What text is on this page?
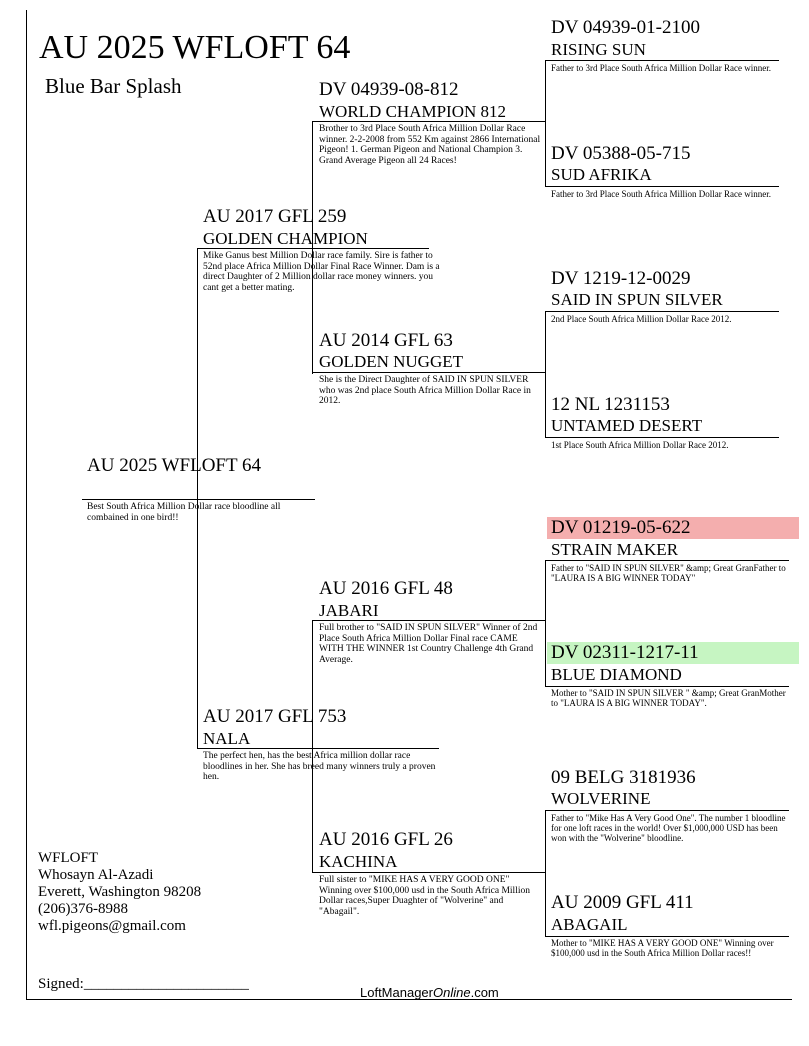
AU 2025 WFLOFT 64
Blue Bar Splash
AU 2025 WFLOFT 64
Best South Africa Million Dollar race bloodline all combained in one bird!!
AU 2017 GFL 259
GOLDEN CHAMPION
Mike Ganus best Million Dollar race family. Sire is father to 52nd place Africa Million Dollar Final Race Winner. Dam is a direct Daughter of 2 Million dollar race money winners. you cant get a better mating.
AU 2017 GFL 753
NALA
The perfect hen, has the best Africa million dollar race bloodlines in her. She has breed many winners truly a proven hen.
DV 04939-08-812
WORLD CHAMPION 812
Brother to 3rd Place South Africa Million Dollar Race winner. 2-2-2008 from 552 Km against 2866 International Pigeon! 1. German Pigeon and National Champion 3. Grand Average Pigeon all 24 Races!
AU 2014 GFL 63
GOLDEN NUGGET
She is the Direct Daughter of SAID IN SPUN SILVER who was 2nd place South Africa Million Dollar Race in 2012.
AU 2016 GFL 48
JABARI
Full brother to "SAID IN SPUN SILVER" Winner of 2nd Place South Africa Million Dollar Final race CAME WITH THE WINNER 1st Country Challenge 4th Grand Average.
AU 2016 GFL 26
KACHINA
Full sister to "MIKE HAS A VERY GOOD ONE" Winning over $100,000 usd in the South Africa Million Dollar races,Super Duaghter of "Wolverine" and "Abagail".
DV 04939-01-2100
RISING SUN
Father to 3rd Place South Africa Million Dollar Race winner.
DV 05388-05-715
SUD AFRIKA
Father to 3rd Place South Africa Million Dollar Race winner.
DV 1219-12-0029
SAID IN SPUN SILVER
2nd Place South Africa Million Dollar Race 2012.
12 NL 1231153
UNTAMED DESERT
1st Place South Africa Million Dollar Race 2012.
DV 01219-05-622
STRAIN MAKER
Father to "SAID IN SPUN SILVER" &amp; Great GranFather to "LAURA IS A BIG WINNER TODAY"
DV 02311-1217-11
BLUE DIAMOND
Mother to "SAID IN SPUN SILVER " &amp; Great GranMother to "LAURA IS A BIG WINNER TODAY".
09 BELG 3181936
WOLVERINE
Father to "Mike Has A Very Good One". The number 1 bloodline for one loft races in the world! Over $1,000,000 USD has been won with the "Wolverine" bloodline.
AU 2009 GFL 411
ABAGAIL
Mother to "MIKE HAS A VERY GOOD ONE" Winning over $100,000 usd in the South Africa Million Dollar races!!
WFLOFT
Whosayn Al-Azadi
Everett, Washington 98208
(206)376-8988
wfl.pigeons@gmail.com
Signed:______________________
LoftManagerOnline.com
